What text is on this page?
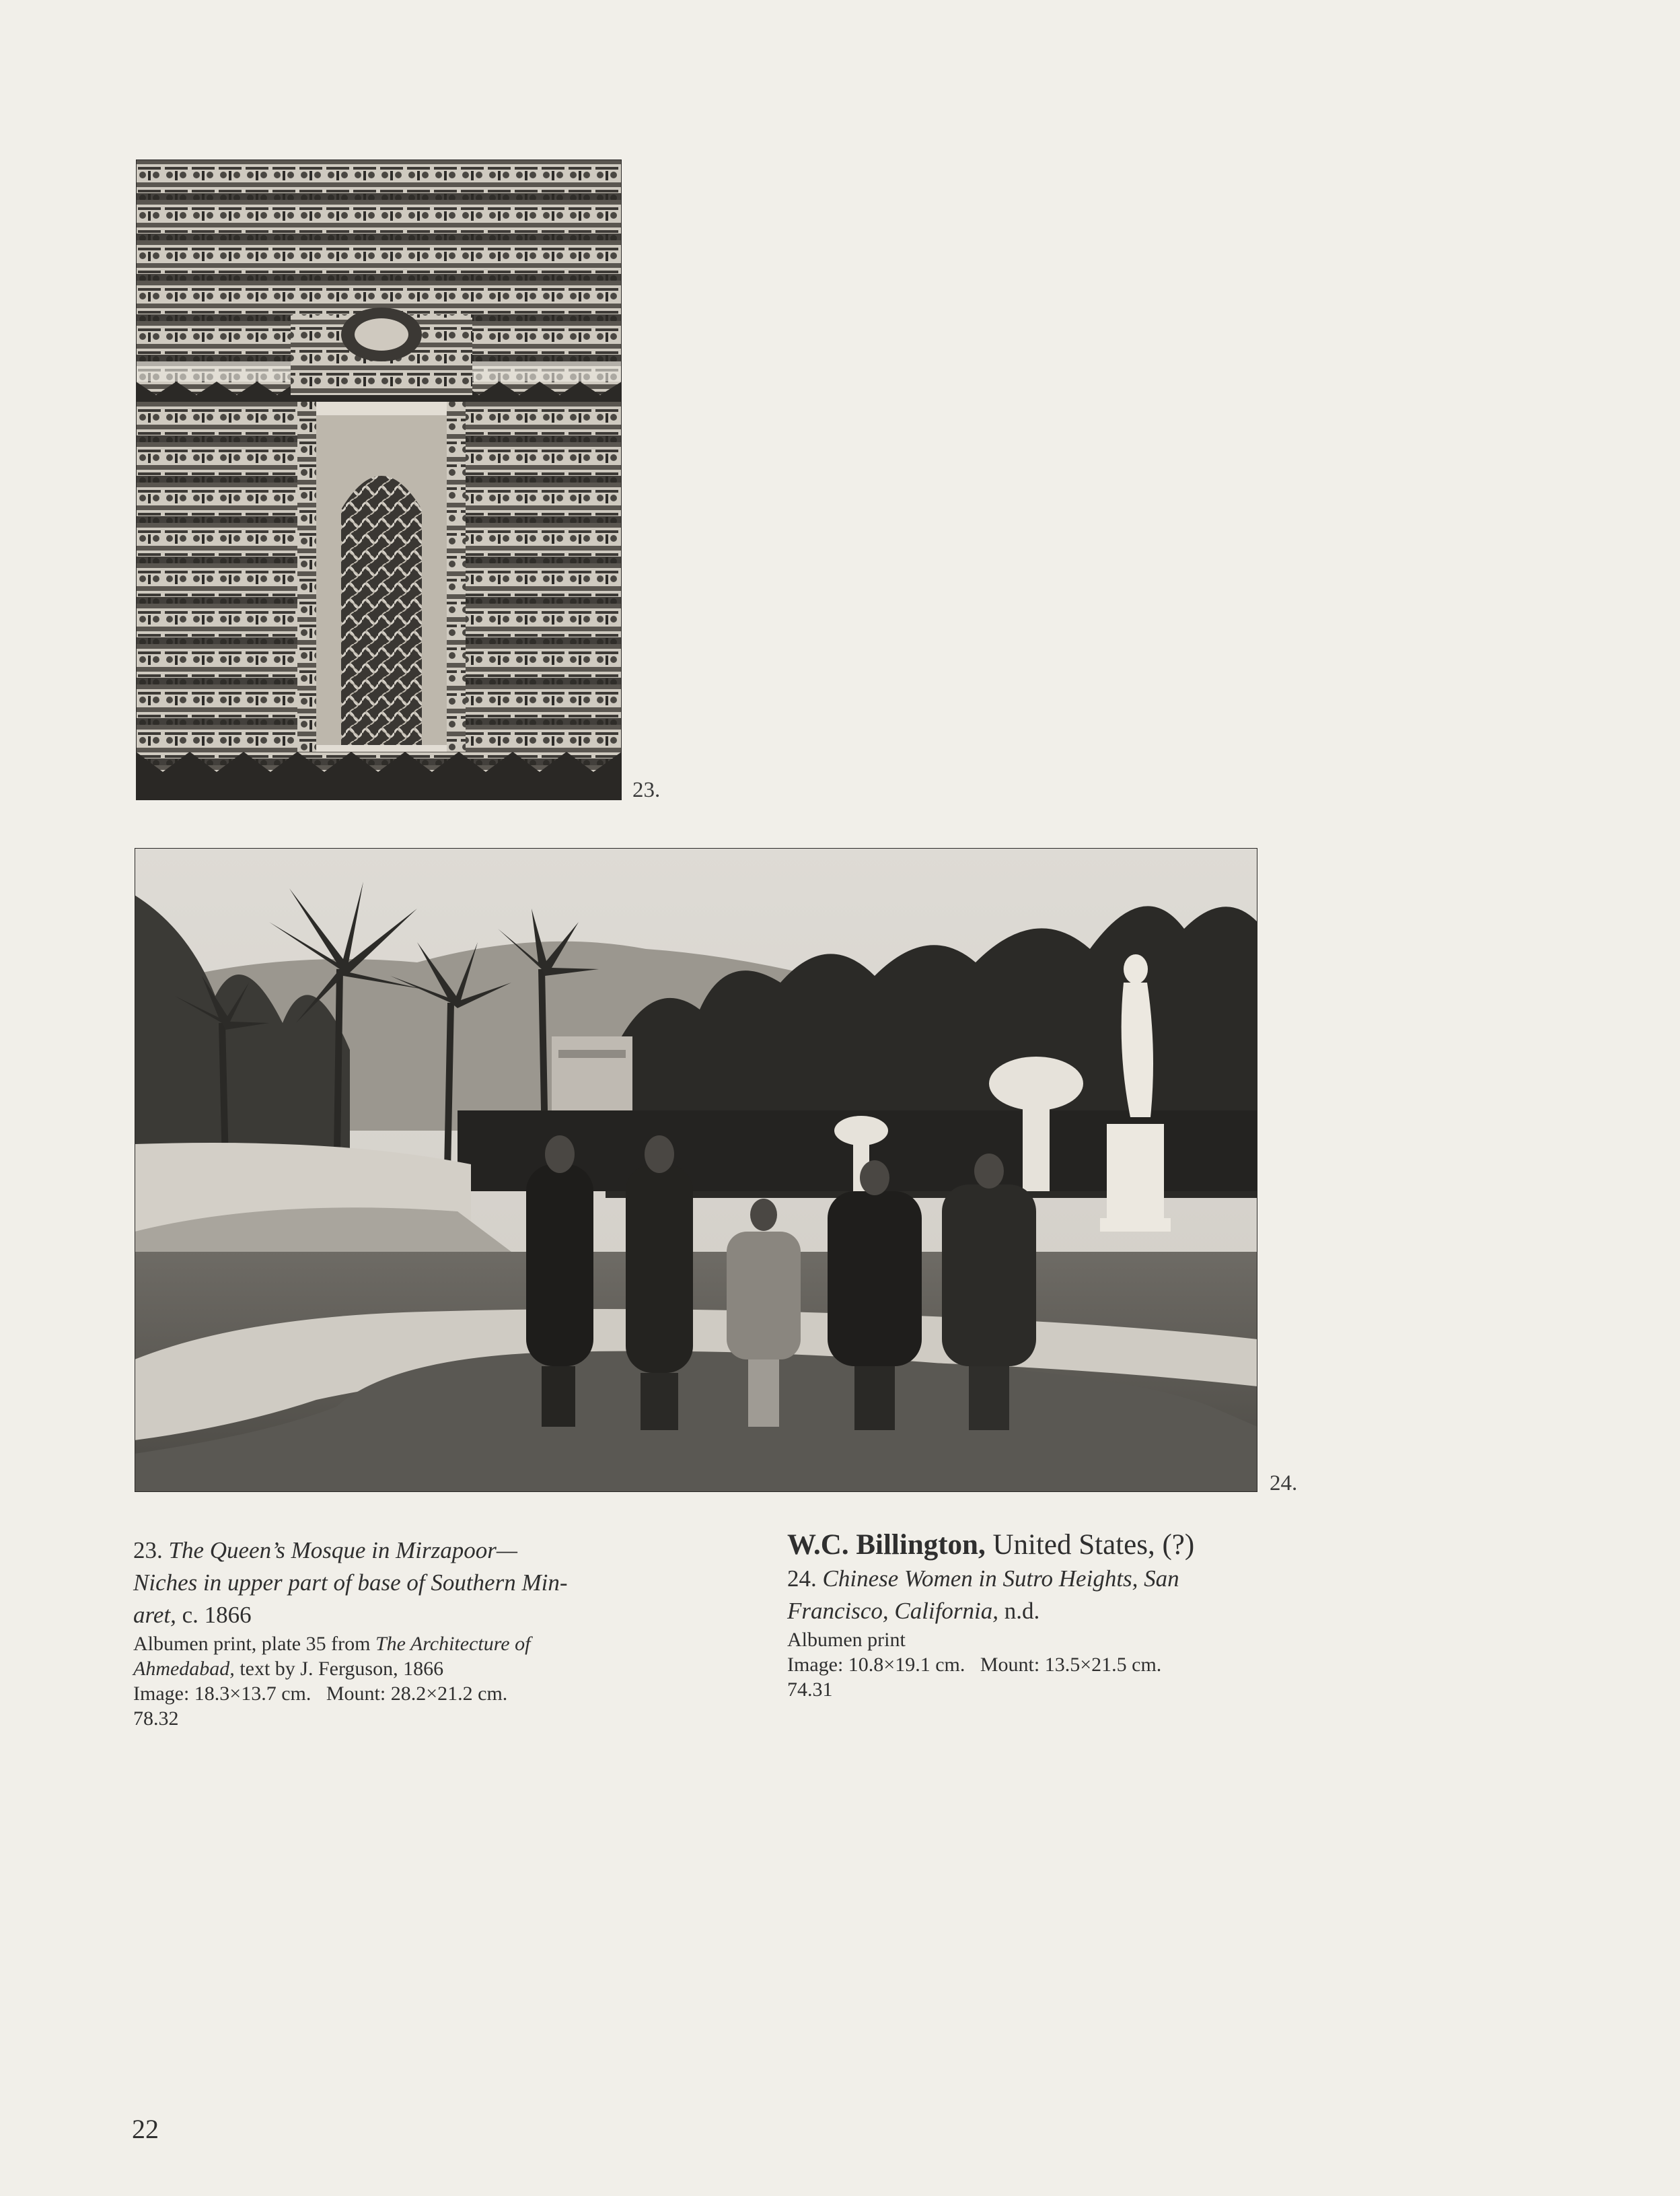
23.
24.
23. The Queen’s Mosque in Mirzapoor—
Niches in upper part of base of Southern Min-
aret, c. 1866
Albumen print, plate 35 from The Architecture of
Ahmedabad, text by J. Ferguson, 1866
Image: 18.3×13.7 cm.   Mount: 28.2×21.2 cm.
78.32
W.C. Billington, United States, (?)
24. Chinese Women in Sutro Heights, San
Francisco, California, n.d.
Albumen print
Image: 10.8×19.1 cm.   Mount: 13.5×21.5 cm.
74.31
22
